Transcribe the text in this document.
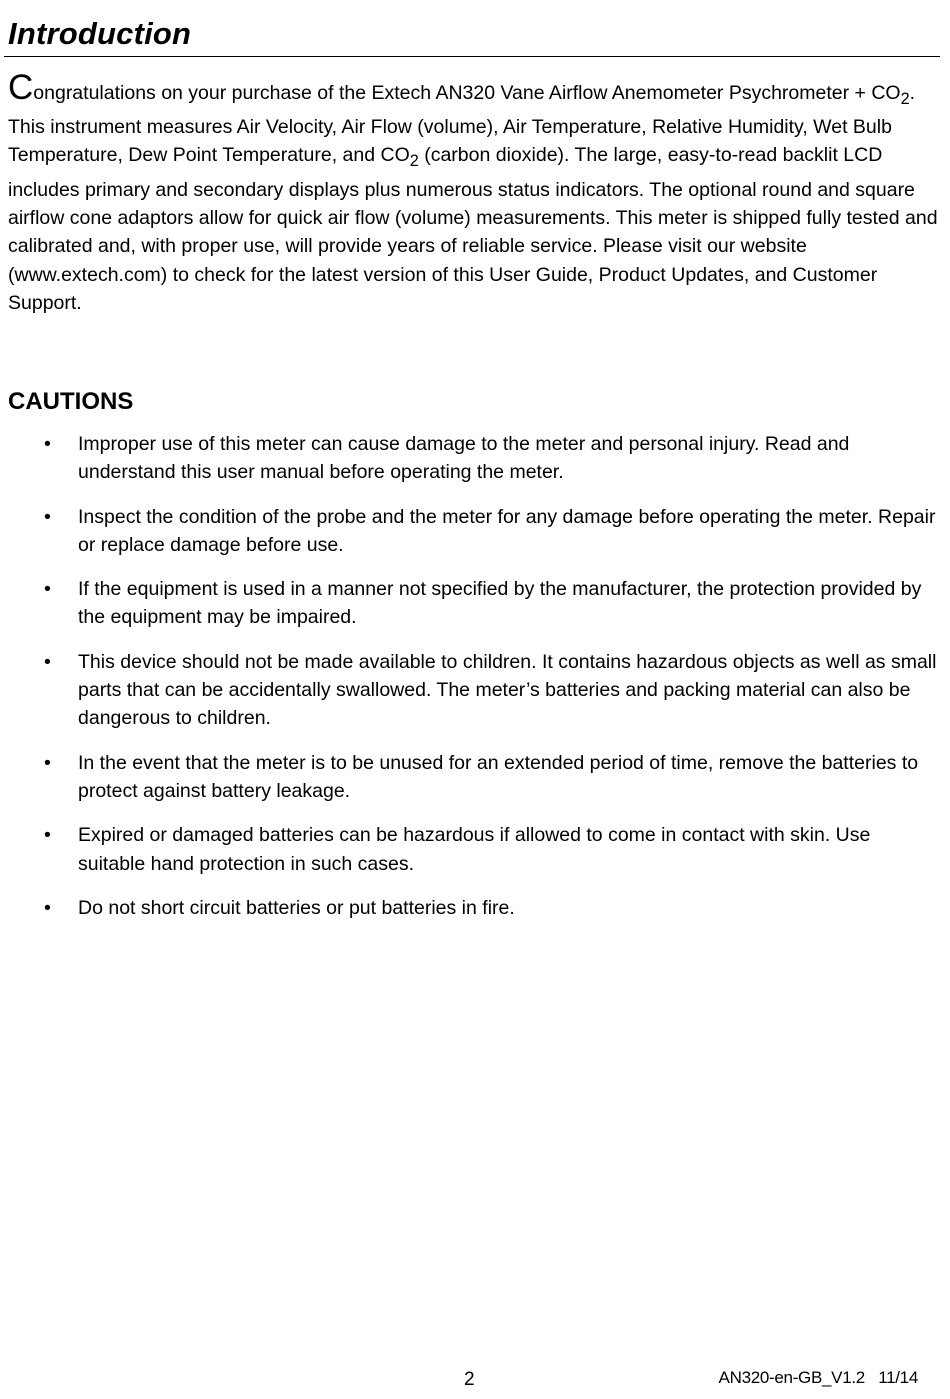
Introduction

Congratulations on your purchase of the Extech AN320 Vane Airflow Anemometer Psychrometer + $CO_2$. This instrument measures Air Velocity, Air Flow (volume), Air Temperature, Relative Humidity, Wet Bulb Temperature, Dew Point Temperature, and $CO_2$ (carbon dioxide). The large, easy-to-read backlit LCD includes primary and secondary displays plus numerous status indicators. The optional round and square airflow cone adaptors allow for quick air flow (volume) measurements. This meter is shipped fully tested and calibrated and, with proper use, will provide years of reliable service. Please visit our website (www.extech.com) to check for the latest version of this User Guide, Product Updates, and Customer Support.

CAUTIONS
• Improper use of this meter can cause damage to the meter and personal injury. Read and understand this user manual before operating the meter.
• Inspect the condition of the probe and the meter for any damage before operating the meter. Repair or replace damage before use.
• If the equipment is used in a manner not specified by the manufacturer, the protection provided by the equipment may be impaired.
• This device should not be made available to children. It contains hazardous objects as well as small parts that can be accidentally swallowed. The meter’s batteries and packing material can also be dangerous to children.
• In the event that the meter is to be unused for an extended period of time, remove the batteries to protect against battery leakage.
• Expired or damaged batteries can be hazardous if allowed to come in contact with skin. Use suitable hand protection in such cases.
• Do not short circuit batteries or put batteries in fire.
2	AN320-en-GB_V1.2   11/14
